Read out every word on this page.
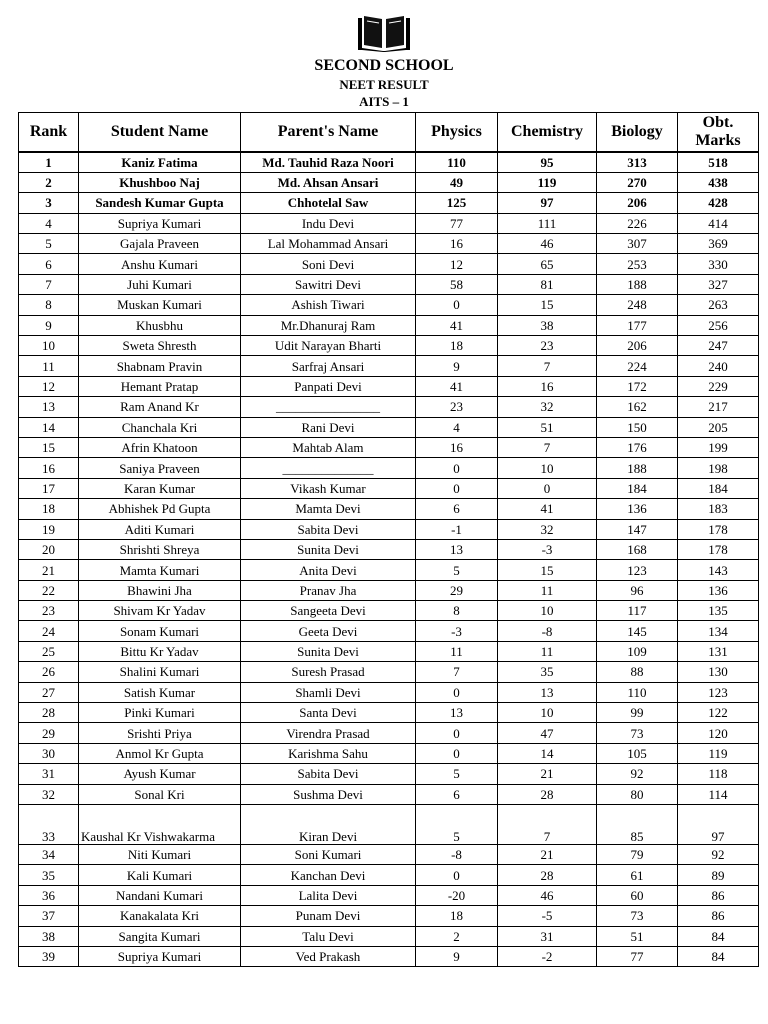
SECOND SCHOOL
NEET RESULT
AITS – 1
Rank	Student Name	Parent's Name	Physics	Chemistry	Biology	Obt. Marks
1	Kaniz Fatima	Md. Tauhid Raza Noori	110	95	313	518
2	Khushboo Naj	Md. Ahsan Ansari	49	119	270	438
3	Sandesh Kumar Gupta	Chhotelal Saw	125	97	206	428
4	Supriya Kumari	Indu Devi	77	111	226	414
5	Gajala Praveen	Lal Mohammad Ansari	16	46	307	369
6	Anshu Kumari	Soni Devi	12	65	253	330
7	Juhi Kumari	Sawitri Devi	58	81	188	327
8	Muskan Kumari	Ashish Tiwari	0	15	248	263
9	Khusbhu	Mr.Dhanuraj Ram	41	38	177	256
10	Sweta Shresth	Udit Narayan Bharti	18	23	206	247
11	Shabnam Pravin	Sarfraj Ansari	9	7	224	240
12	Hemant Pratap	Panpati Devi	41	16	172	229
13	Ram Anand Kr	________________	23	32	162	217
14	Chanchala Kri	Rani Devi	4	51	150	205
15	Afrin Khatoon	Mahtab Alam	16	7	176	199
16	Saniya Praveen	______________	0	10	188	198
17	Karan Kumar	Vikash Kumar	0	0	184	184
18	Abhishek Pd Gupta	Mamta Devi	6	41	136	183
19	Aditi Kumari	Sabita Devi	-1	32	147	178
20	Shrishti Shreya	Sunita Devi	13	-3	168	178
21	Mamta Kumari	Anita Devi	5	15	123	143
22	Bhawini Jha	Pranav Jha	29	11	96	136
23	Shivam Kr Yadav	Sangeeta Devi	8	10	117	135
24	Sonam Kumari	Geeta Devi	-3	-8	145	134
25	Bittu Kr Yadav	Sunita Devi	11	11	109	131
26	Shalini Kumari	Suresh Prasad	7	35	88	130
27	Satish Kumar	Shamli Devi	0	13	110	123
28	Pinki Kumari	Santa Devi	13	10	99	122
29	Srishti Priya	Virendra Prasad	0	47	73	120
30	Anmol Kr Gupta	Karishma Sahu	0	14	105	119
31	Ayush Kumar	Sabita Devi	5	21	92	118
32	Sonal Kri	Sushma Devi	6	28	80	114
33	Kaushal Kr Vishwakarma	Kiran Devi	5	7	85	97
34	Niti Kumari	Soni Kumari	-8	21	79	92
35	Kali Kumari	Kanchan Devi	0	28	61	89
36	Nandani Kumari	Lalita Devi	-20	46	60	86
37	Kanakalata Kri	Punam Devi	18	-5	73	86
38	Sangita Kumari	Talu Devi	2	31	51	84
39	Supriya Kumari	Ved Prakash	9	-2	77	84
